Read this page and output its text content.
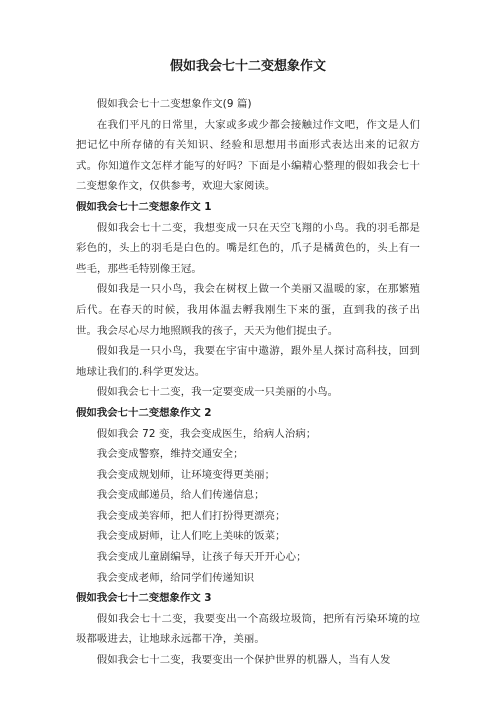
假如我会七十二变想象作文

假如我会七十二变想象作文(9 篇)

在我们平凡的日常里，大家或多或少都会接触过作文吧，作文是人们把记忆中所存储的有关知识、经验和思想用书面形式表达出来的记叙方式。你知道作文怎样才能写的好吗？下面是小编精心整理的假如我会七十二变想象作文，仅供参考，欢迎大家阅读。

假如我会七十二变想象作文 1

假如我会七十二变，我想变成一只在天空飞翔的小鸟。我的羽毛都是彩色的，头上的羽毛是白色的。嘴是红色的，爪子是橘黄色的，头上有一些毛，那些毛特别像王冠。

假如我是一只小鸟，我会在树杈上做一个美丽又温暖的家，在那繁殖后代。在春天的时候，我用体温去孵我刚生下来的蛋，直到我的孩子出世。我会尽心尽力地照顾我的孩子，天天为他们捉虫子。

假如我是一只小鸟，我要在宇宙中遨游，跟外星人探讨高科技，回到地球让我们的.科学更发达。

假如我会七十二变，我一定要变成一只美丽的小鸟。

假如我会七十二变想象作文 2

假如我会 72 变，我会变成医生，给病人治病；

我会变成警察，维持交通安全；

我会变成规划师，让环境变得更美丽；

我会变成邮递员，给人们传递信息；

我会变成美容师，把人们打扮得更漂亮；

我会变成厨师，让人们吃上美味的饭菜；

我会变成儿童剧编导，让孩子每天开开心心；

我会变成老师，给同学们传递知识

假如我会七十二变想象作文 3

假如我会七十二变，我要变出一个高级垃圾筒，把所有污染环境的垃圾都吸进去，让地球永远都干净，美丽。

假如我会七十二变，我要变出一个保护世界的机器人，当有人发
